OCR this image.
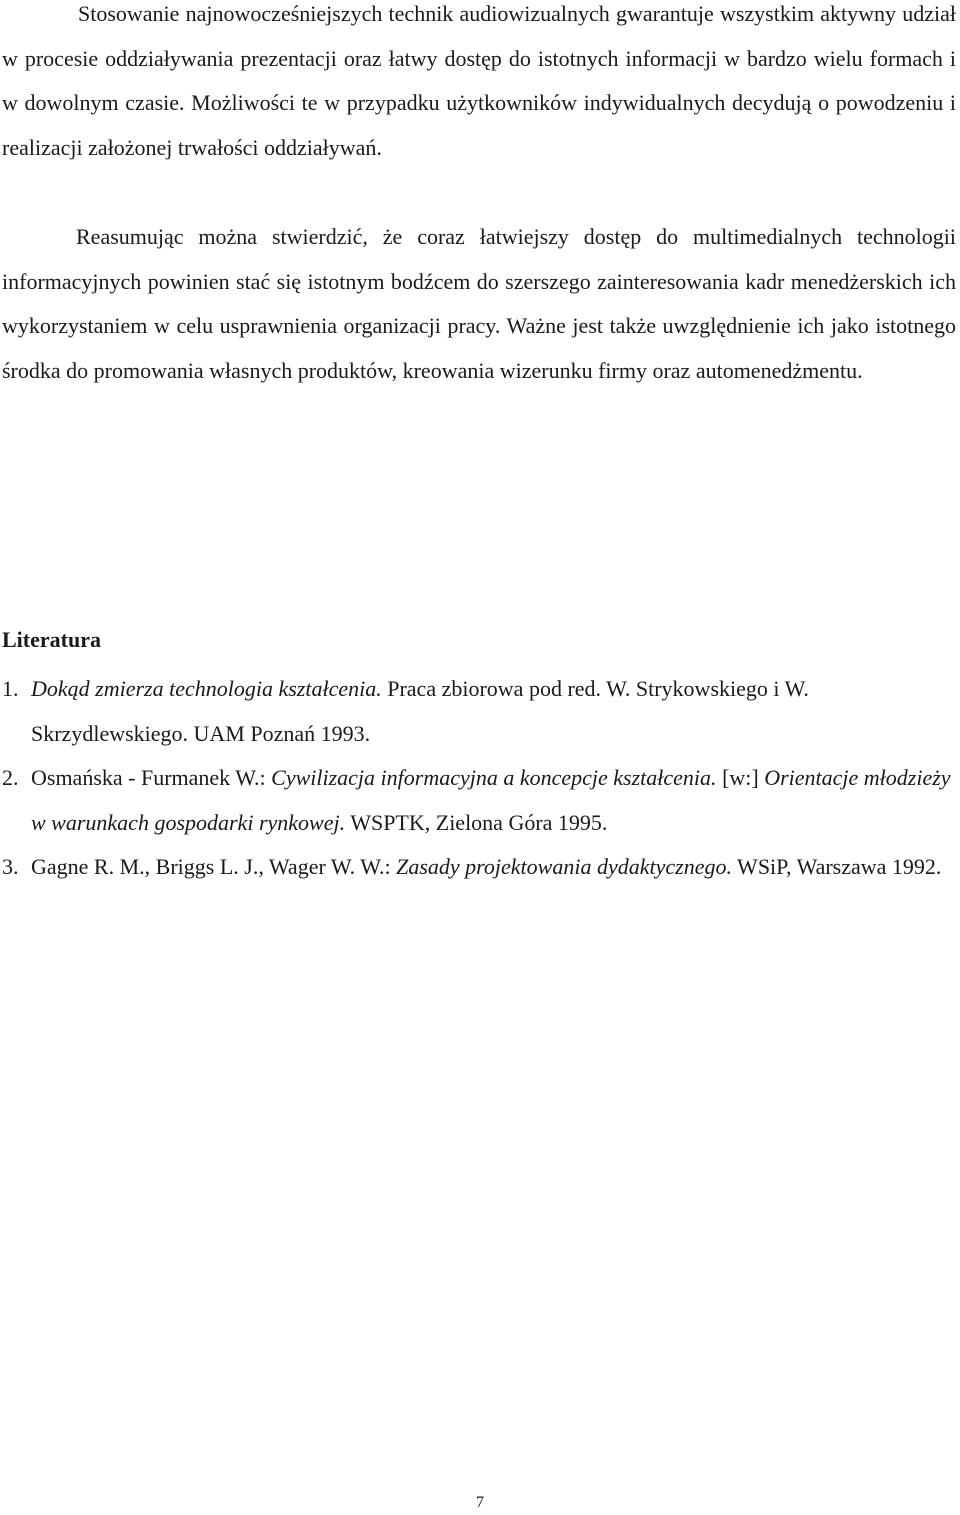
Stosowanie najnowocześniejszych technik audiowizualnych gwarantuje wszystkim aktywny udział w procesie oddziaływania prezentacji oraz łatwy dostęp do istotnych informacji w bardzo wielu formach i w dowolnym czasie. Możliwości te w przypadku użytkowników indywidualnych decydują o powodzeniu i realizacji założonej trwałości oddziaływań.

Reasumując można stwierdzić, że coraz łatwiejszy dostęp do multimedialnych technologii informacyjnych powinien stać się istotnym bodźcem do szerszego zainteresowania kadr menedżerskich ich wykorzystaniem w celu usprawnienia organizacji pracy. Ważne jest także uwzględnienie ich jako istotnego środka do promowania własnych produktów, kreowania wizerunku firmy oraz automenedżmentu.

Literatura

1. Dokąd zmierza technologia kształcenia. Praca zbiorowa pod red. W. Strykowskiego i W. Skrzydlewskiego. UAM Poznań 1993.
2. Osmańska - Furmanek W.: Cywilizacja informacyjna a koncepcje kształcenia. [w:] Orientacje młodzieży w warunkach gospodarki rynkowej. WSPTK, Zielona Góra 1995.
3. Gagne R. M., Briggs L. J., Wager W. W.: Zasady projektowania dydaktycznego. WSiP, Warszawa 1992.
7
